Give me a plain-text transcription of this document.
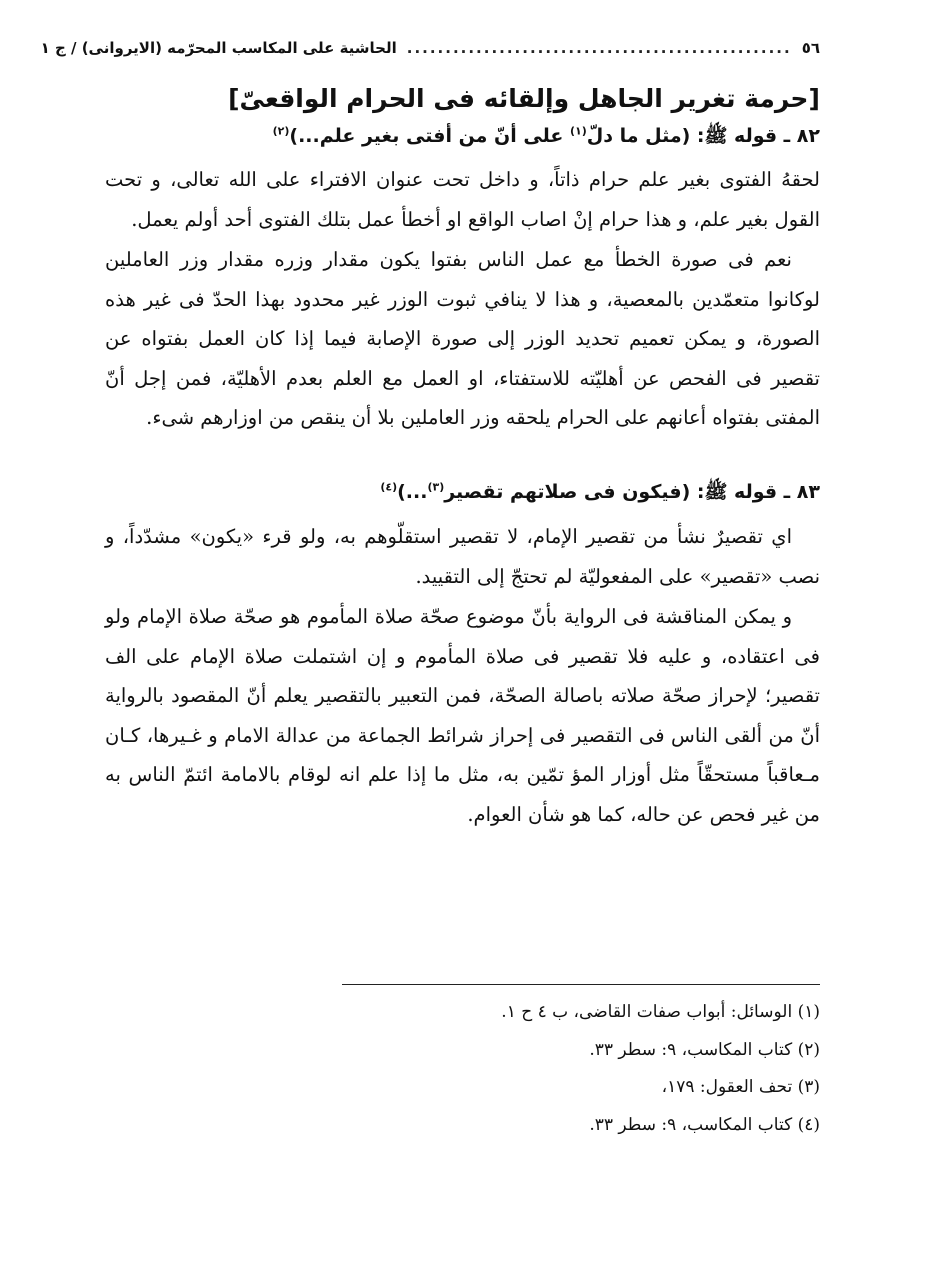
٥٦
..................................................
الحاشية على المكاسب المحرّمه (الايروانى) / ج ١
[حرمة تغرير الجاهل وإلقائه فى الحرام الواقعىّ]
٨٢ ـ قوله ﷺ: (مثل ما دلّ$^{(١)}$ على أنّ من أفتى بغير علم...)$^{(٢)}$

لحقهُ الفتوى بغير علم حرام ذاتاً، و داخل تحت عنوان الافتراء على الله تعالى، و تحت القول بغير علم، و هذا حرام إنْ اصاب الواقع او أخطأ عمل بتلك الفتوى أحد أولم يعمل.

نعم فى صورة الخطأ مع عمل الناس بفتوا يكون مقدار وزره مقدار وزر العاملين لوكانوا متعمّدين بالمعصية، و هذا لا ينافي ثبوت الوزر غير محدود بهذا الحدّ فى غير هذه الصورة، و يمكن تعميم تحديد الوزر إلى صورة الإصابة فيما إذا كان العمل بفتواه عن تقصير فى الفحص عن أهليّته للاستفتاء، او العمل مع العلم بعدم الأهليّة، فمن إجل أنّ المفتى بفتواه أعانهم على الحرام يلحقه وزر العاملين بلا أن ينقص من اوزارهم شىء.

٨٣ ـ قوله ﷺ: (فيكون فى صلاتهم تقصير$^{(٣)}$...)$^{(٤)}$

اي تقصيرٌ نشأ من تقصير الإمام، لا تقصير استقلّوهم به، ولو قرء «يكون» مشدّداً، و نصب «تقصير» على المفعوليّة لم تحتجّ إلى التقييد.

و يمكن المناقشة فى الرواية بأنّ موضوع صحّة صلاة المأموم هو صحّة صلاة الإمام ولو فى اعتقاده، و عليه فلا تقصير فى صلاة المأموم و إن اشتملت صلاة الإمام على الف تقصير؛ لإحراز صحّة صلاته باصالة الصحّة، فمن التعبير بالتقصير يعلم أنّ المقصود بالرواية أنّ من ألقى الناس فى التقصير فى إحراز شرائط الجماعة من عدالة الامام و غـيرها، كـان مـعاقباً مستحقّاً مثل أوزار المؤ تمّين به، مثل ما إذا علم انه لوقام بالامامة ائتمّ الناس به من غير فحص عن حاله، كما هو شأن العوام.

(١) الوسائل: أبواب صفات القاضى، ب ٤ ح ١.
(٢) كتاب المكاسب، ٩: سطر ٣٣.
(٣) تحف العقول: ١٧٩،
(٤) كتاب المكاسب، ٩: سطر ٣٣.
